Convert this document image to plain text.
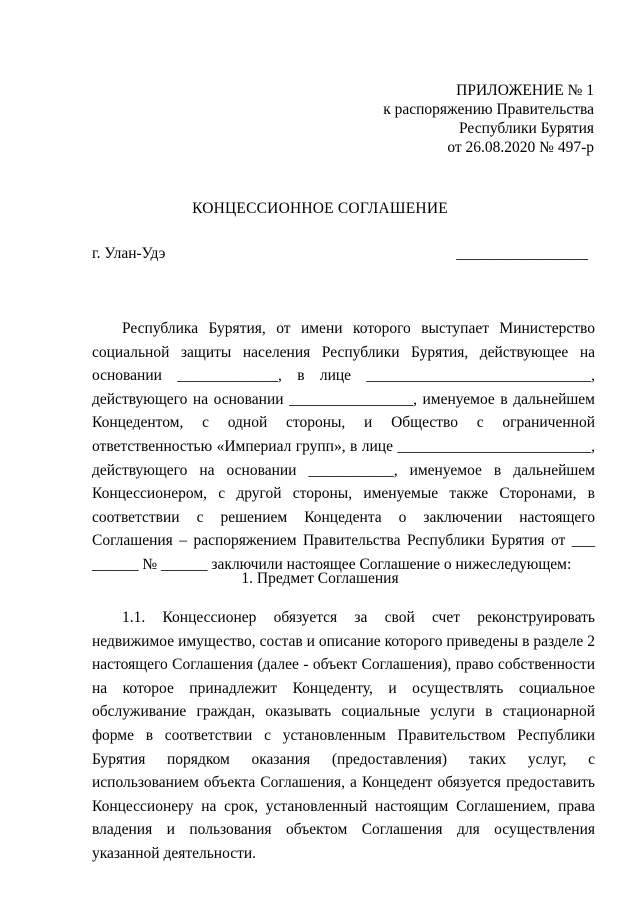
ПРИЛОЖЕНИЕ № 1
к распоряжению Правительства
Республики Бурятия
от 26.08.2020 № 497-р
КОНЦЕССИОННОЕ СОГЛАШЕНИЕ
г. Улан-Удэ	_________________
Республика Бурятия, от имени которого выступает Министерство социальной защиты населения Республики Бурятия, действующее на основании _____________, в лице _____________________________, действующего на основании ________________, именуемое в дальнейшем Концедентом, с одной стороны, и Общество с ограниченной ответственностью «Империал групп», в лице _________________________, действующего на основании ___________, именуемое в дальнейшем Концессионером, с другой стороны, именуемые также Сторонами, в соответствии с решением Концедента о заключении настоящего Соглашения – распоряжением Правительства Республики Бурятия от ___ ______ № ______ заключили настоящее Соглашение о нижеследующем:
1. Предмет Соглашения
1.1. Концессионер обязуется за свой счет реконструировать недвижимое имущество, состав и описание которого приведены в разделе 2 настоящего Соглашения (далее - объект Соглашения), право собственности на которое принадлежит Концеденту, и осуществлять социальное обслуживание граждан, оказывать социальные услуги в стационарной форме в соответствии с установленным Правительством Республики Бурятия порядком оказания (предоставления) таких услуг, с использованием объекта Соглашения, а Концедент обязуется предоставить Концессионеру на срок, установленный настоящим Соглашением, права владения и пользования объектом Соглашения для осуществления указанной деятельности.
